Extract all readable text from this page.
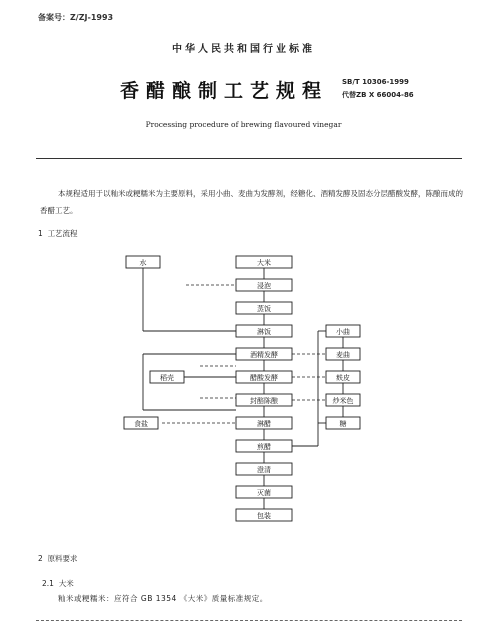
备案号：Z/ZJ-1993
中华人民共和国行业标准
香醋酿制工艺规程 SB/T 10306-1999
代替ZB X 66004-86
Processing procedure of brewing flavoured vinegar
本规程适用于以籼米或粳糯米为主要原料，采用小曲、麦曲为发酵剂，经糖化、酒精发酵及固态分层醋酸发酵，陈酿而成的香醋工艺。
1 工艺流程
大米
浸泡
蒸饭
淋饭
酒精发酵
醋酸发酵
封醅陈酿
淋醋
煎醋
澄清
灭菌
包装
水
稻壳
食盐
小曲
麦曲
麸皮
炒米色
糖
2 原料要求
2.1 大米
籼米或粳糯米：应符合 GB 1354 《大米》质量标准规定。
